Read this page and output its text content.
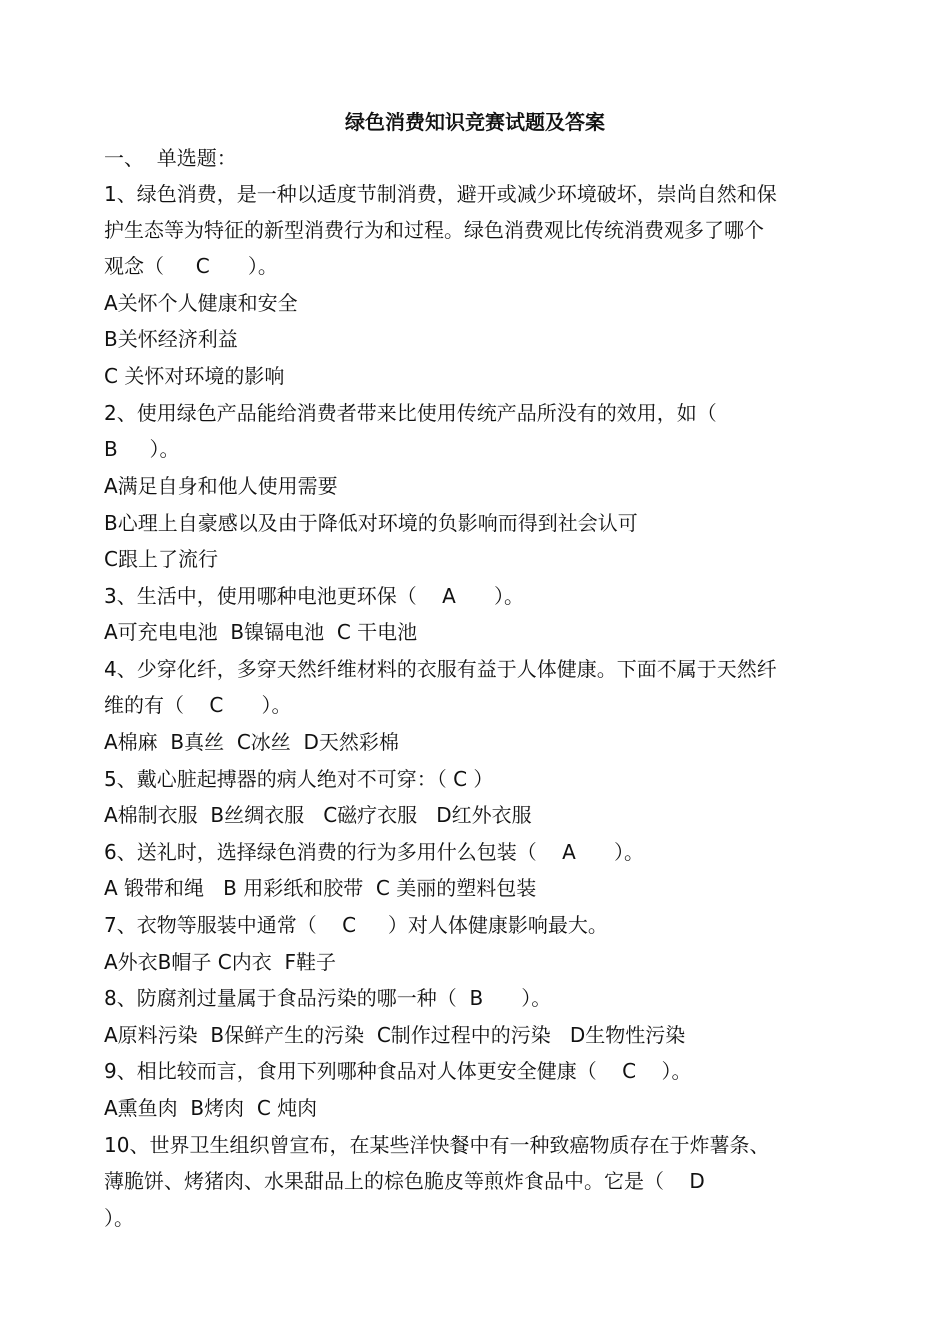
绿色消费知识竞赛试题及答案
一、  单选题：
1、绿色消费，是一种以适度节制消费，避开或减少环境破坏，崇尚自然和保
护生态等为特征的新型消费行为和过程。绿色消费观比传统消费观多了哪个
观念（     C      ）。
A关怀个人健康和安全
B关怀经济利益
C 关怀对环境的影响
2、使用绿色产品能给消费者带来比使用传统产品所没有的效用，如（
B     ）。
A满足自身和他人使用需要
B心理上自豪感以及由于降低对环境的负影响而得到社会认可
C跟上了流行
3、生活中，使用哪种电池更环保（    A      ）。
A可充电电池  B镍镉电池  C 干电池
4、少穿化纤，多穿天然纤维材料的衣服有益于人体健康。下面不属于天然纤
维的有（    C      ）。
A棉麻  B真丝  C冰丝  D天然彩棉
5、戴心脏起搏器的病人绝对不可穿：（ C ）
A棉制衣服  B丝绸衣服   C磁疗衣服   D红外衣服
6、送礼时，选择绿色消费的行为多用什么包装（    A      ）。
A 锻带和绳   B 用彩纸和胶带  C 美丽的塑料包装
7、衣物等服装中通常（    C     ）对人体健康影响最大。
A外衣B帽子 C内衣  F鞋子
8、防腐剂过量属于食品污染的哪一种（  B      ）。
A原料污染  B保鲜产生的污染  C制作过程中的污染   D生物性污染
9、相比较而言，食用下列哪种食品对人体更安全健康（    C    ）。
A熏鱼肉  B烤肉  C 炖肉
10、世界卫生组织曾宣布，在某些洋快餐中有一种致癌物质存在于炸薯条、
薄脆饼、烤猪肉、水果甜品上的棕色脆皮等煎炸食品中。它是（    D
）。
